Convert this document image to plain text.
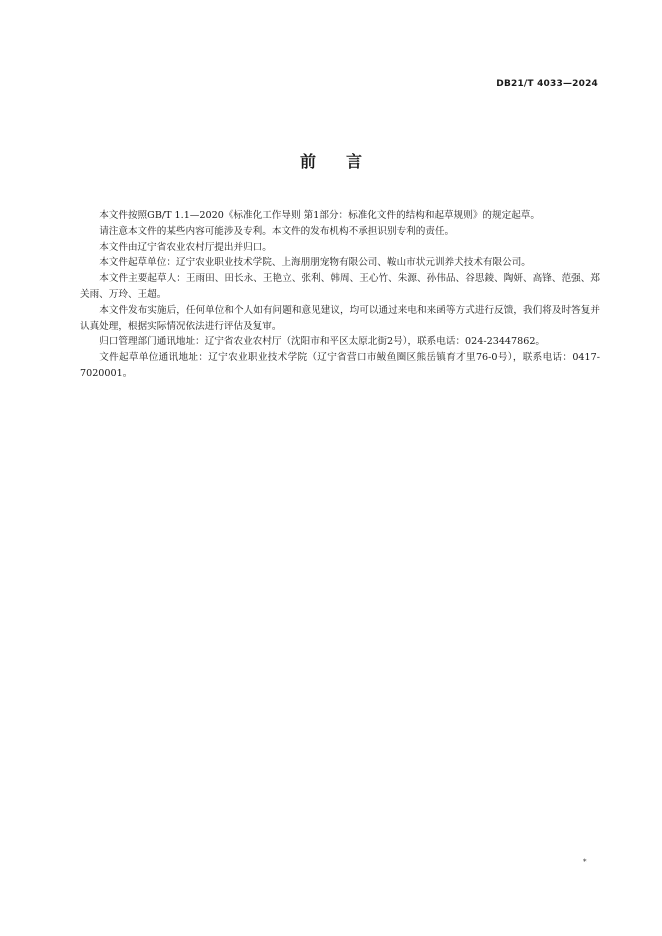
DB21/T 4033—2024
前言

本文件按照GB/T 1.1—2020《标准化工作导则 第1部分：标准化文件的结构和起草规则》的规定起草。

请注意本文件的某些内容可能涉及专利。本文件的发布机构不承担识别专利的责任。

本文件由辽宁省农业农村厅提出并归口。

本文件起草单位：辽宁农业职业技术学院、上海朋朋宠物有限公司、鞍山市状元训养犬技术有限公司。

本文件主要起草人：王雨田、田长永、王艳立、张利、韩周、王心竹、朱源、孙伟品、谷思錂、陶妍、高锋、范强、郑关雨、万玲、王超。

本文件发布实施后，任何单位和个人如有问题和意见建议，均可以通过来电和来函等方式进行反馈，我们将及时答复并认真处理，根据实际情况依法进行评估及复审。

归口管理部门通讯地址：辽宁省农业农村厅（沈阳市和平区太原北街2号），联系电话：024-23447862。

文件起草单位通讯地址：辽宁农业职业技术学院（辽宁省营口市鲅鱼圈区熊岳镇育才里76-0号），联系电话：0417-7020001。

*
